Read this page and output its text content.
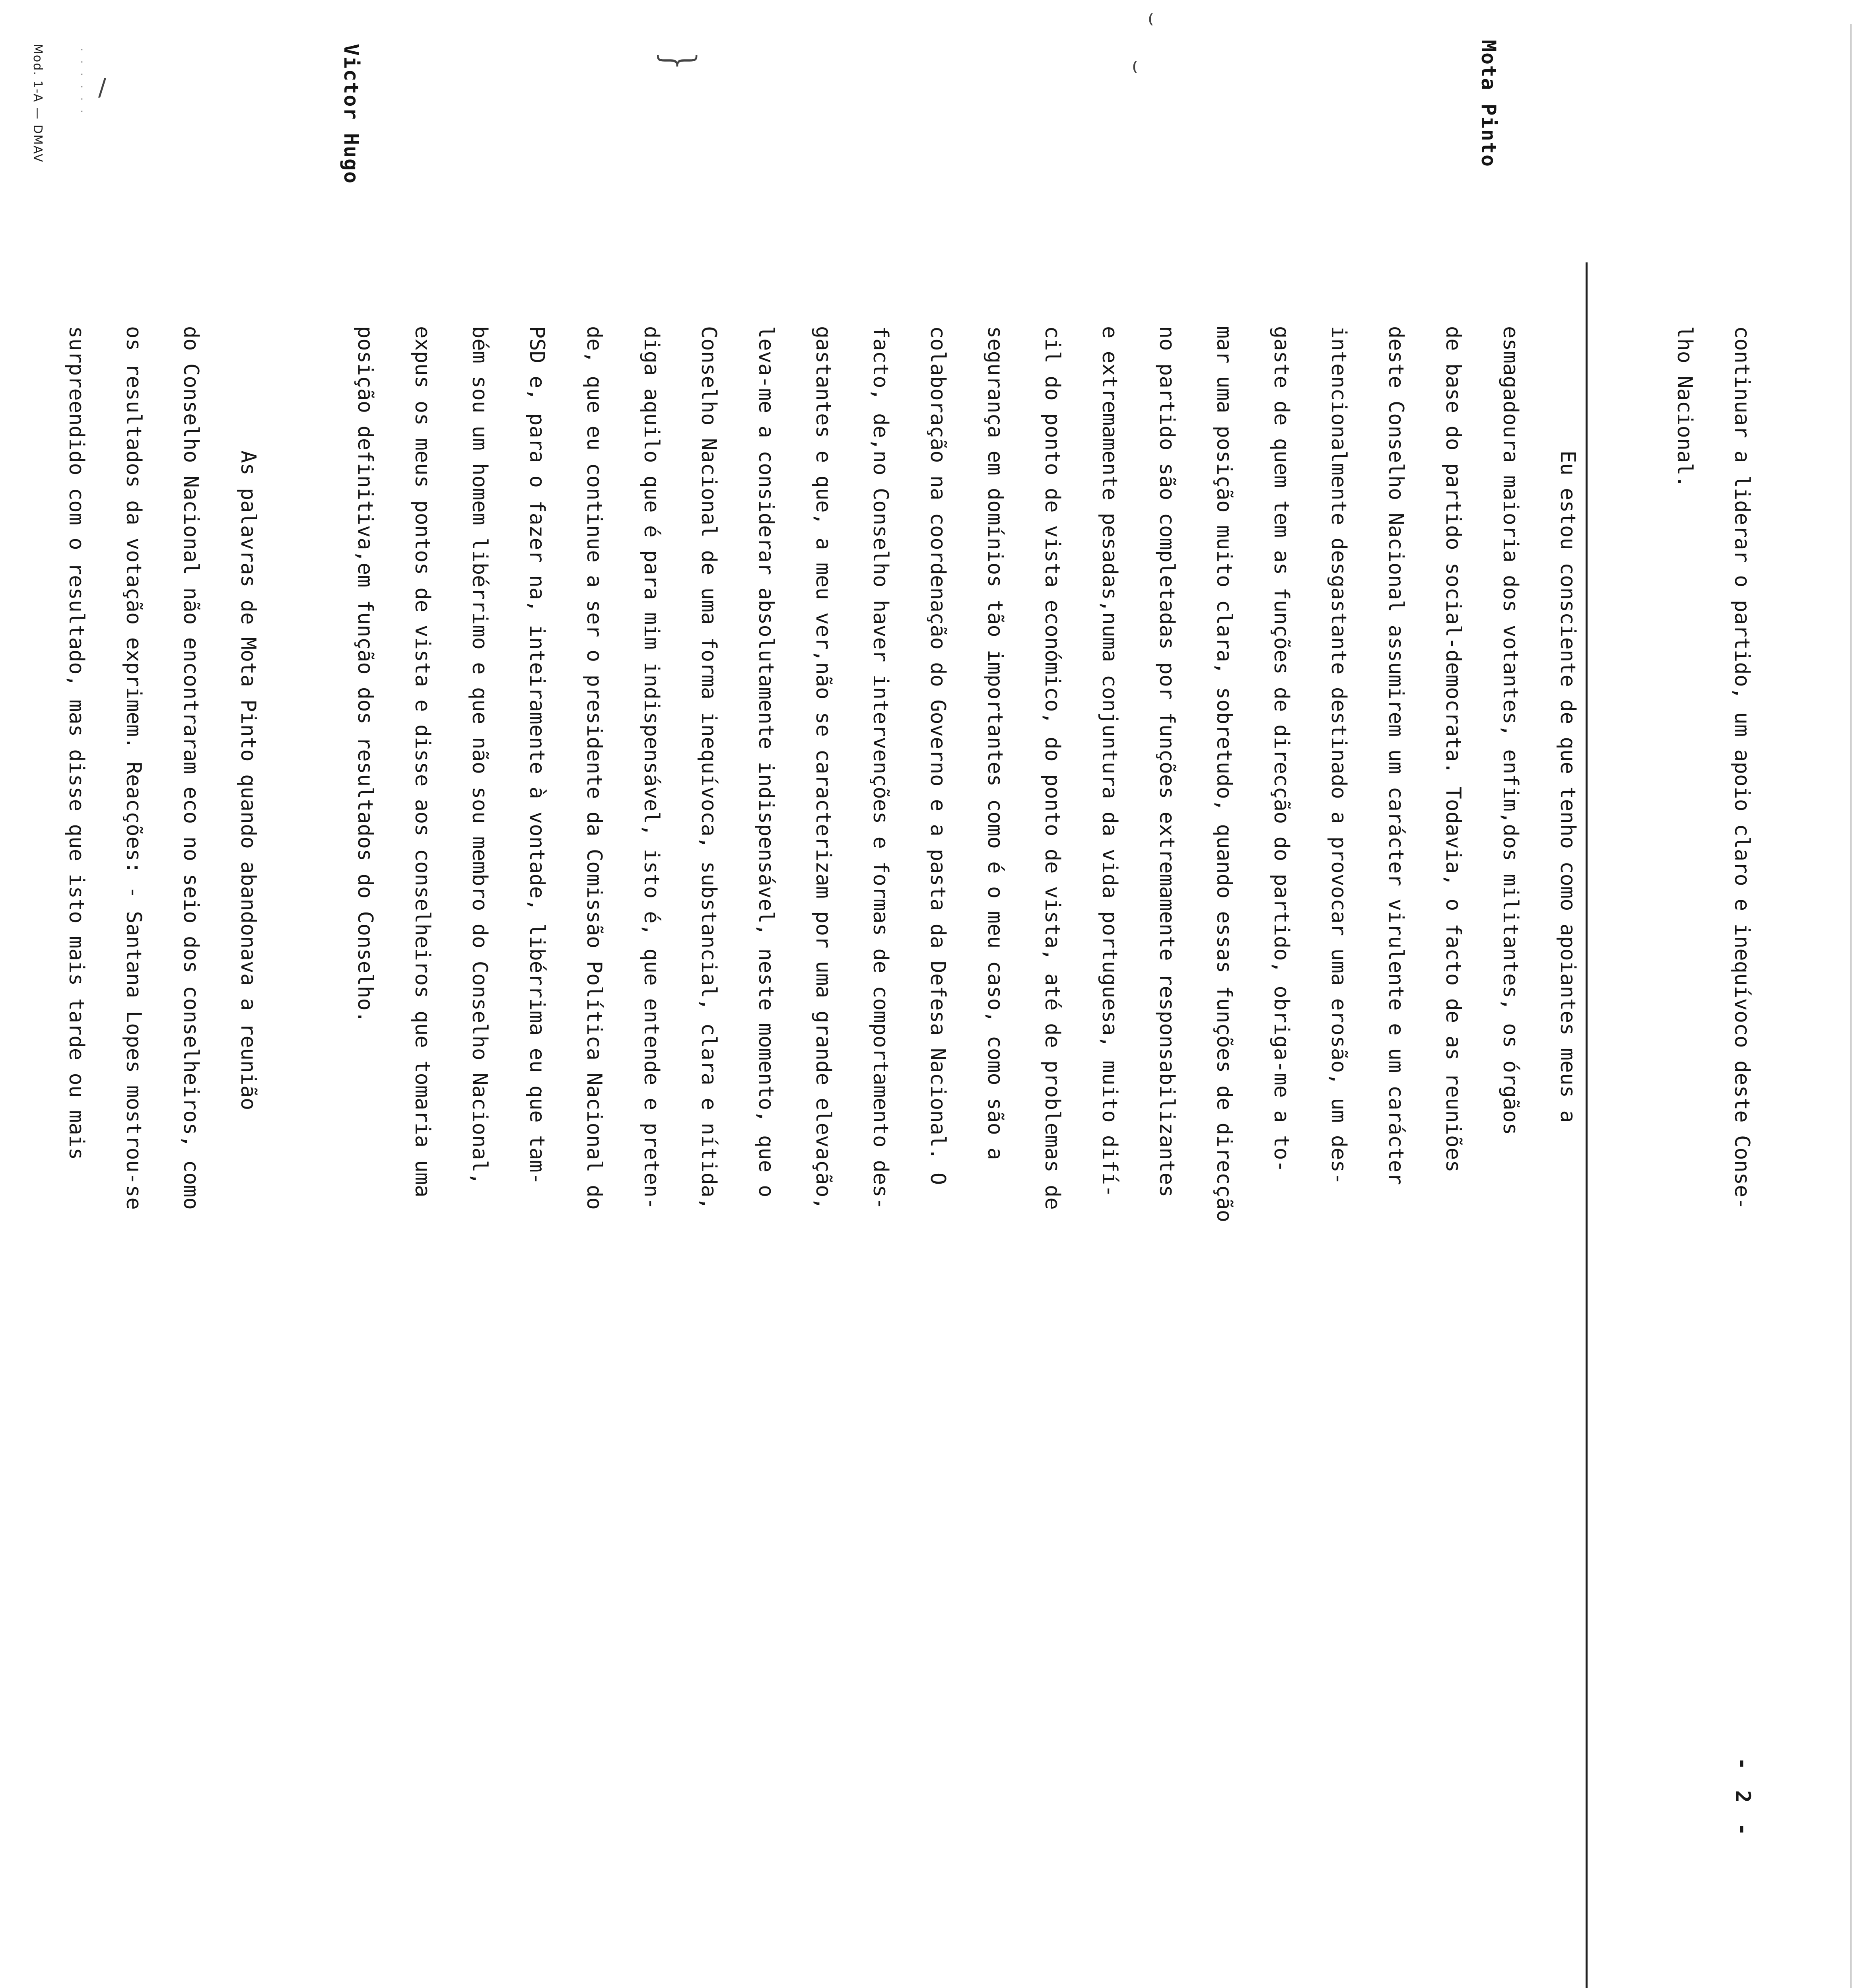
- 2 -
/
· · · · · ·
⌣
⌣
}	Mota Pinto
Victor Hugo
continuar a liderar o partido, um apoio claro e inequívoco deste Conse-
lho Nacional.
Eu estou consciente de que tenho como apoiantes meus a
esmagadoura maioria dos votantes, enfim,dos militantes, os órgãos
de base do partido social-democrata. Todavia, o facto de as reuniões
deste Conselho Nacional assumirem um carácter virulente e um carácter
intencionalmente desgastante destinado a provocar uma erosão, um des-
gaste de quem tem as funções de direcção do partido, obriga-me a to-
mar uma posição muito clara, sobretudo, quando essas funções de direcção
no partido são completadas por funções extremamente responsabilizantes
e extremamente pesadas,numa conjuntura da vida portuguesa, muito difí-
cil do ponto de vista económico, do ponto de vista, até de problemas de
segurança em domínios tão importantes como é o meu caso, como são a
colaboração na coordenação do Governo e a pasta da Defesa Nacional. O
facto, de,no Conselho haver intervenções e formas de comportamento des-
gastantes e que, a meu ver,não se caracterizam por uma grande elevação,
leva-me a considerar absolutamente indispensável, neste momento, que o
Conselho Nacional de uma forma inequívoca, substancial, clara e nítida,
diga aquilo que é para mim indispensável, isto é, que entende e preten-
de, que eu continue a ser o presidente da Comissão Política Nacional do
PSD e, para o fazer na, inteiramente à vontade, libérrima eu que tam-
bém sou um homem libérrimo e que não sou membro do Conselho Nacional,
expus os meus pontos de vista e disse aos conselheiros que tomaria uma
posição definitiva,em função dos resultados do Conselho.
As palavras de Mota Pinto quando abandonava a reunião
do Conselho Nacional não encontraram eco no seio dos conselheiros, como
os resultados da votação exprimem. Reacções: - Santana Lopes mostrou-se
surpreendido com o resultado, mas disse que isto mais tarde ou mais
Mod. 1-A — DMAV
